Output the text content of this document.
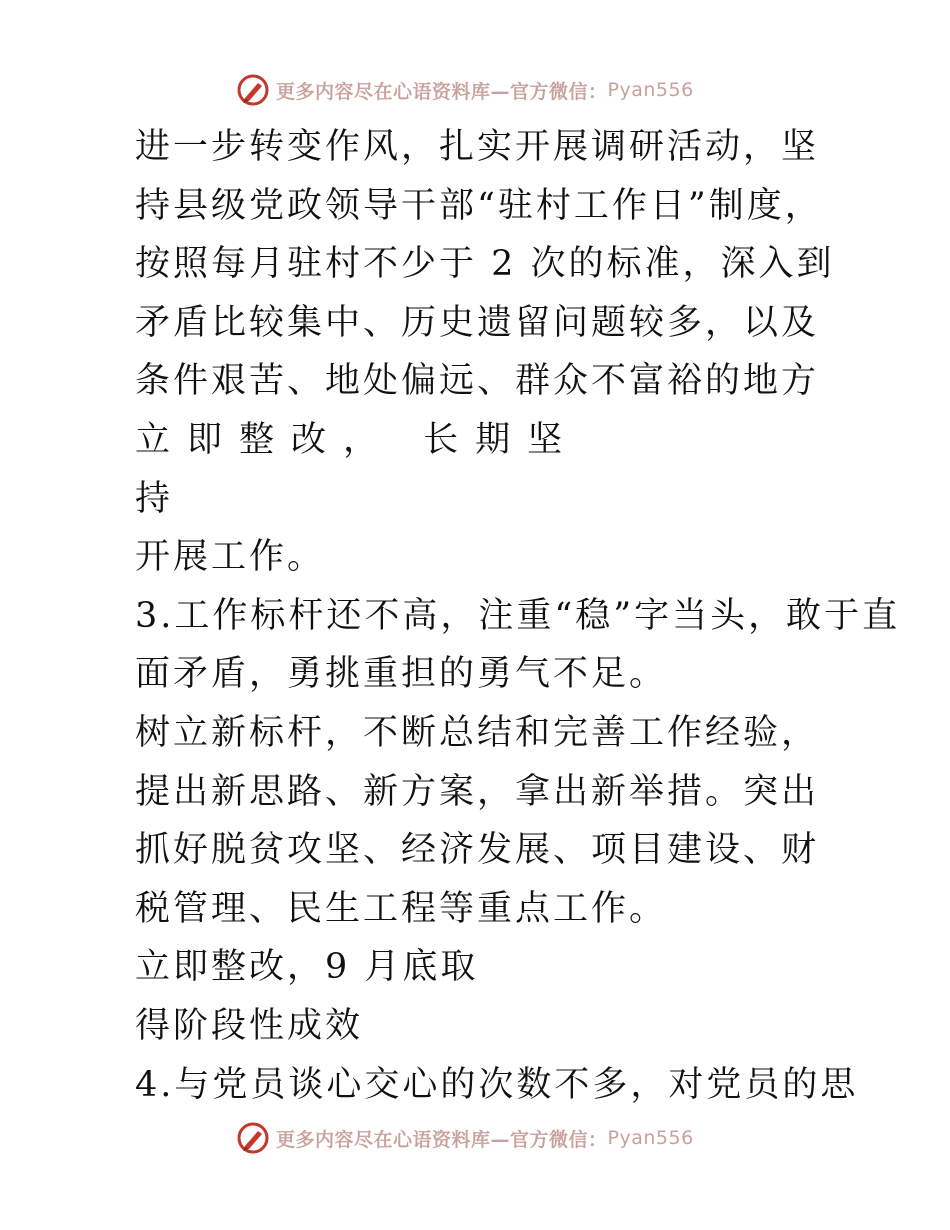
更多内容尽在心语资料库—官方微信： Pyan556
进一步转变作风，扎实开展调研活动，坚
持县级党政领导干部“驻村工作日”制度，
按照每月驻村不少于 2 次的标准，深入到
矛盾比较集中、历史遗留问题较多，以及
条件艰苦、地处偏远、群众不富裕的地方
立即整改， 长期坚
持
开展工作。
3.工作标杆还不高，注重“稳”字当头，敢于直
面矛盾，勇挑重担的勇气不足。
树立新标杆，不断总结和完善工作经验，
提出新思路、新方案，拿出新举措。突出
抓好脱贫攻坚、经济发展、项目建设、财
税管理、民生工程等重点工作。
立即整改，9 月底取
得阶段性成效
4.与党员谈心交心的次数不多，对党员的思
更多内容尽在心语资料库—官方微信： Pyan556
